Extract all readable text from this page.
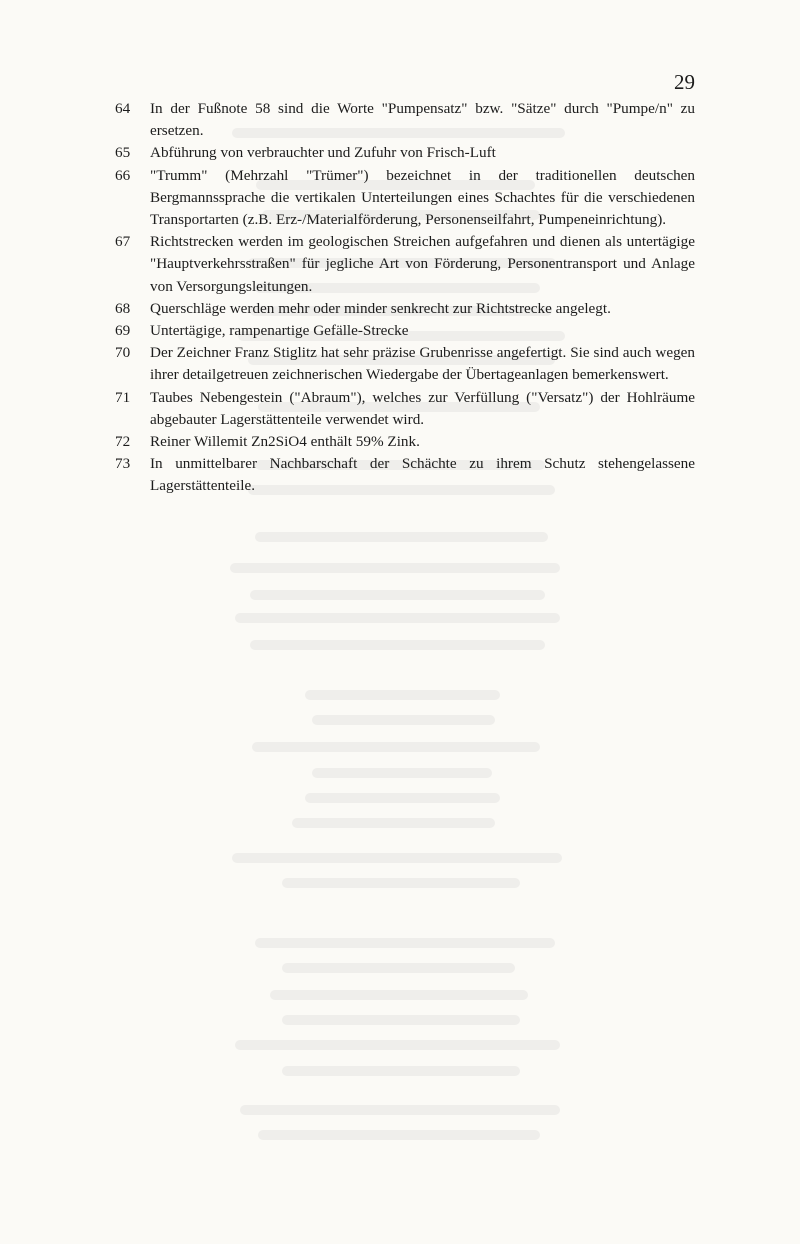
29
64	In der Fußnote 58 sind die Worte "Pumpensatz" bzw. "Sätze" durch "Pumpe/n" zu ersetzen.
65	Abführung von verbrauchter und Zufuhr von Frisch-Luft
66	"Trumm" (Mehrzahl "Trümer") bezeichnet in der traditionellen deutschen Bergmannssprache die vertikalen Unterteilungen eines Schachtes für die verschiedenen Transportarten (z.B. Erz-/Materialförderung, Personenseilfahrt, Pumpeneinrichtung).
67	Richtstrecken werden im geologischen Streichen aufgefahren und dienen als untertägige "Hauptverkehrsstraßen" für jegliche Art von Förderung, Personentransport und Anlage von Versorgungsleitungen.
68	Querschläge werden mehr oder minder senkrecht zur Richtstrecke angelegt.
69	Untertägige, rampenartige Gefälle-Strecke
70	Der Zeichner Franz Stiglitz hat sehr präzise Grubenrisse angefertigt. Sie sind auch wegen ihrer detailgetreuen zeichnerischen Wiedergabe der Übertageanlagen bemerkenswert.
71	Taubes Nebengestein ("Abraum"), welches zur Verfüllung ("Versatz") der Hohlräume abgebauter Lagerstättenteile verwendet wird.
72	Reiner Willemit Zn2SiO4 enthält 59% Zink.
73	In unmittelbarer Nachbarschaft der Schächte zu ihrem Schutz stehengelassene Lagerstättenteile.
